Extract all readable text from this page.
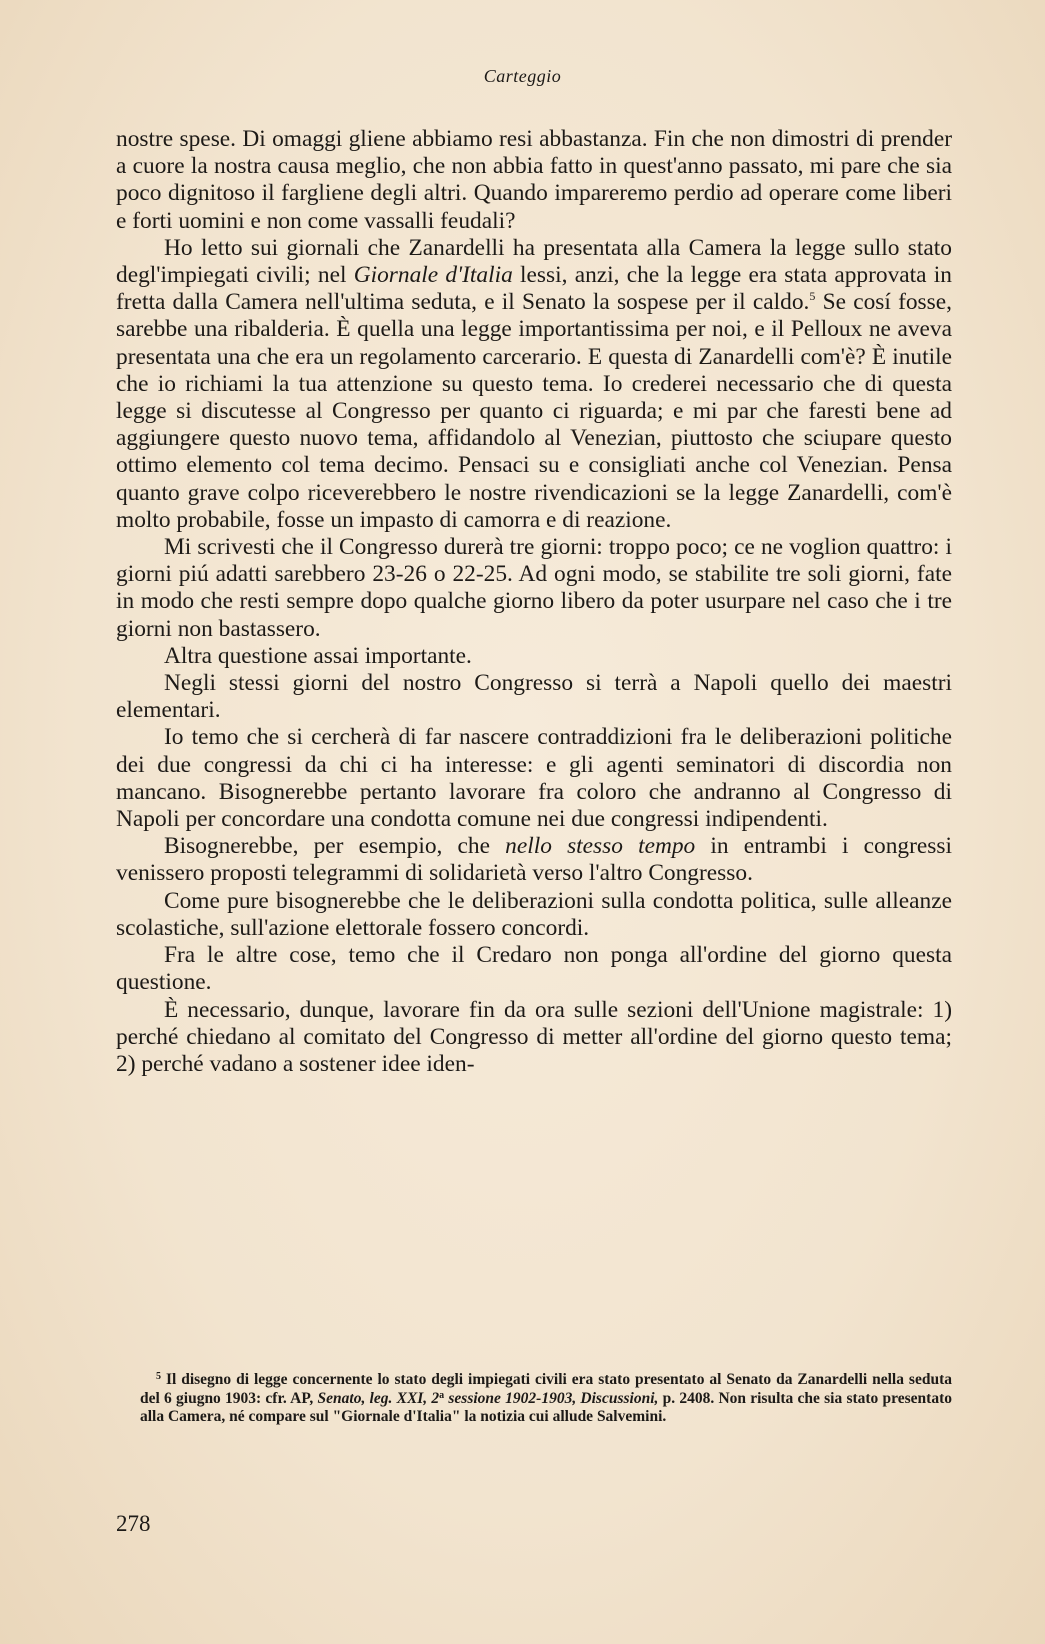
Carteggio

nostre spese. Di omaggi gliene abbiamo resi abbastanza. Fin che non dimostri di prender a cuore la nostra causa meglio, che non abbia fatto in quest'anno passato, mi pare che sia poco dignitoso il fargliene degli altri. Quando impareremo perdio ad operare come liberi e forti uomini e non come vassalli feudali?

Ho letto sui giornali che Zanardelli ha presentata alla Camera la legge sullo stato degl'impiegati civili; nel Giornale d'Italia lessi, anzi, che la legge era stata approvata in fretta dalla Camera nell'ultima seduta, e il Senato la sospese per il caldo.$^5$ Se cosí fosse, sarebbe una ribalderia. È quella una legge importantissima per noi, e il Pelloux ne aveva presentata una che era un regolamento carcerario. E questa di Zanardelli com'è? È inutile che io richiami la tua attenzione su questo tema. Io crederei necessario che di questa legge si discutesse al Congresso per quanto ci riguarda; e mi par che faresti bene ad aggiungere questo nuovo tema, affidandolo al Venezian, piuttosto che sciupare questo ottimo elemento col tema decimo. Pensaci su e consigliati anche col Venezian. Pensa quanto grave colpo riceverebbero le nostre rivendicazioni se la legge Zanardelli, com'è molto probabile, fosse un impasto di camorra e di reazione.

Mi scrivesti che il Congresso durerà tre giorni: troppo poco; ce ne voglion quattro: i giorni piú adatti sarebbero 23-26 o 22-25. Ad ogni modo, se stabilite tre soli giorni, fate in modo che resti sempre dopo qualche giorno libero da poter usurpare nel caso che i tre giorni non bastassero.

Altra questione assai importante.

Negli stessi giorni del nostro Congresso si terrà a Napoli quello dei maestri elementari.

Io temo che si cercherà di far nascere contraddizioni fra le deliberazioni politiche dei due congressi da chi ci ha interesse: e gli agenti seminatori di discordia non mancano. Bisognerebbe pertanto lavorare fra coloro che andranno al Congresso di Napoli per concordare una condotta comune nei due congressi indipendenti.

Bisognerebbe, per esempio, che nello stesso tempo in entrambi i congressi venissero proposti telegrammi di solidarietà verso l'altro Congresso.

Come pure bisognerebbe che le deliberazioni sulla condotta politica, sulle alleanze scolastiche, sull'azione elettorale fossero concordi.

Fra le altre cose, temo che il Credaro non ponga all'ordine del giorno questa questione.

È necessario, dunque, lavorare fin da ora sulle sezioni dell'Unione magistrale: 1) perché chiedano al comitato del Congresso di metter all'ordine del giorno questo tema; 2) perché vadano a sostener idee iden-

$^5$ Il disegno di legge concernente lo stato degli impiegati civili era stato presentato al Senato da Zanardelli nella seduta del 6 giugno 1903: cfr. AP, Senato, leg. XXI, 2$^a$ sessione 1902-1903, Discussioni, p. 2408. Non risulta che sia stato presentato alla Camera, né compare sul "Giornale d'Italia" la notizia cui allude Salvemini.

278
